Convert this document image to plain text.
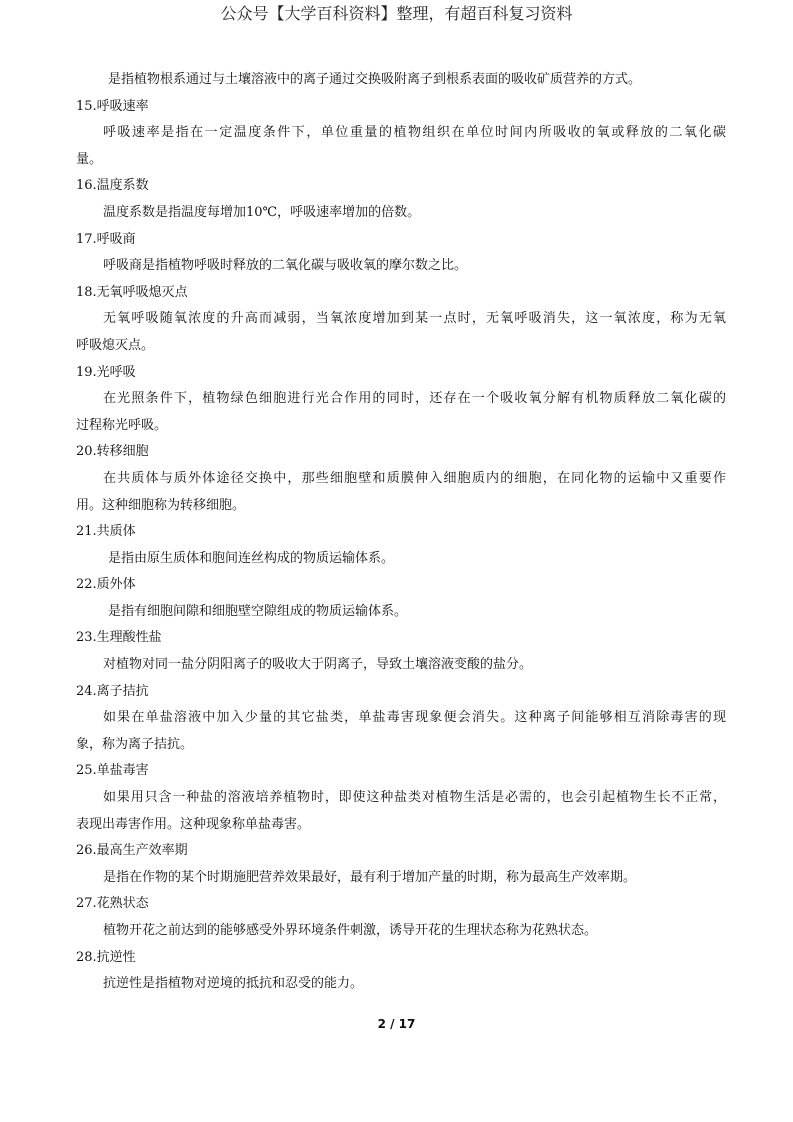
公众号【大学百科资料】整理，有超百科复习资料
是指植物根系通过与土壤溶液中的离子通过交换吸附离子到根系表面的吸收矿质营养的方式。
15.呼吸速率
呼吸速率是指在一定温度条件下，单位重量的植物组织在单位时间内所吸收的氧或释放的二氧化碳
量。
16.温度系数
温度系数是指温度每增加10℃，呼吸速率增加的倍数。
17.呼吸商
呼吸商是指植物呼吸时释放的二氧化碳与吸收氧的摩尔数之比。
18.无氧呼吸熄灭点
无氧呼吸随氧浓度的升高而减弱，当氧浓度增加到某一点时，无氧呼吸消失，这一氧浓度，称为无氧
呼吸熄灭点。
19.光呼吸
在光照条件下，植物绿色细胞进行光合作用的同时，还存在一个吸收氧分解有机物质释放二氧化碳的
过程称光呼吸。
20.转移细胞
在共质体与质外体途径交换中，那些细胞壁和质膜伸入细胞质内的细胞，在同化物的运输中又重要作
用。这种细胞称为转移细胞。
21.共质体
是指由原生质体和胞间连丝构成的物质运输体系。
22.质外体
是指有细胞间隙和细胞壁空隙组成的物质运输体系。
23.生理酸性盐
对植物对同一盐分阴阳离子的吸收大于阴离子，导致土壤溶液变酸的盐分。
24.离子拮抗
如果在单盐溶液中加入少量的其它盐类，单盐毒害现象便会消失。这种离子间能够相互消除毒害的现
象，称为离子拮抗。
25.单盐毒害
如果用只含一种盐的溶液培养植物时，即使这种盐类对植物生活是必需的，也会引起植物生长不正常，
表现出毒害作用。这种现象称单盐毒害。
26.最高生产效率期
是指在作物的某个时期施肥营养效果最好，最有利于增加产量的时期，称为最高生产效率期。
27.花熟状态
植物开花之前达到的能够感受外界环境条件刺激，诱导开花的生理状态称为花熟状态。
28.抗逆性
抗逆性是指植物对逆境的抵抗和忍受的能力。
2 / 17
